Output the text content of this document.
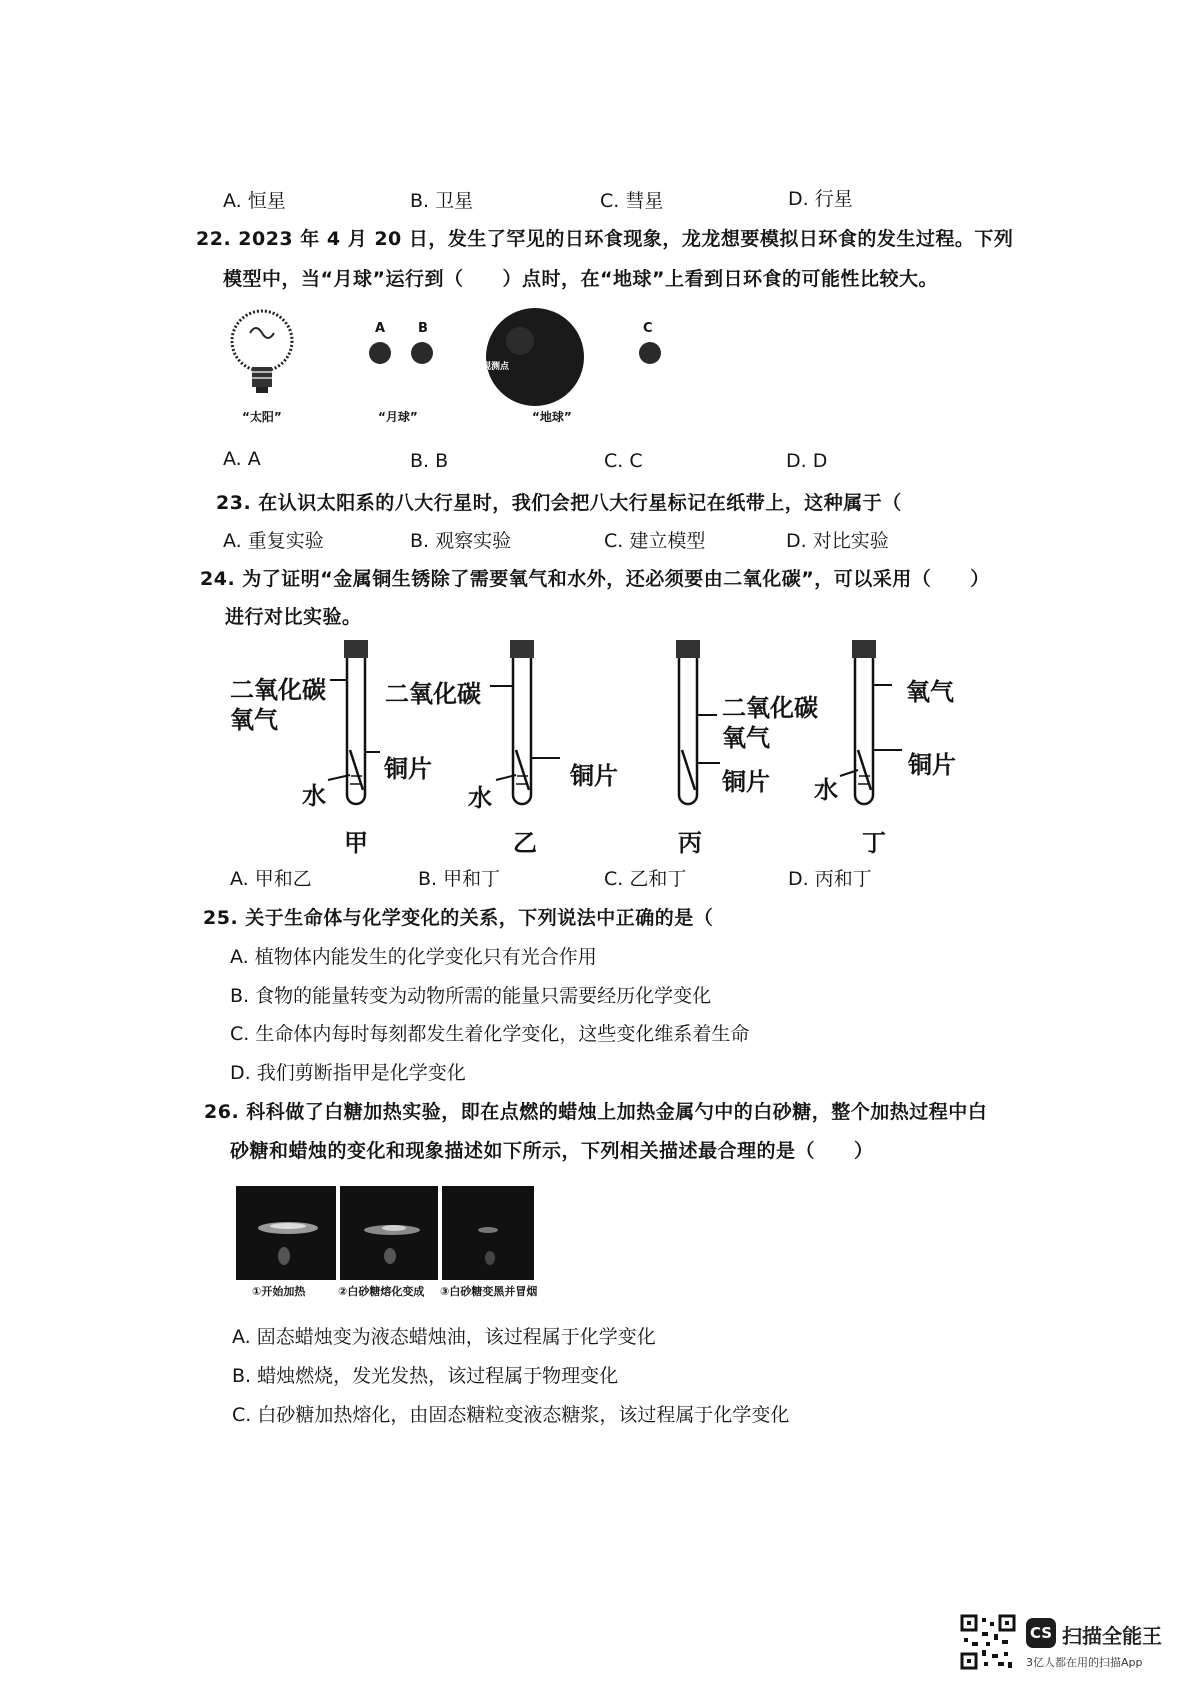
A. 恒星	B. 卫星	C. 彗星	D. 行星
22. 2023 年 4 月 20 日，发生了罕见的日环食现象，龙龙想要模拟日环食的发生过程。下列
模型中，当“月球”运行到（　　）点时，在“地球”上看到日环食的可能性比较大。
A	B	C
观测点
“太阳”	“月球”	“地球”
A. A	B. B	C. C	D. D
23. 在认识太阳系的八大行星时，我们会把八大行星标记在纸带上，这种属于（
A. 重复实验	B. 观察实验	C. 建立模型	D. 对比实验
24. 为了证明“金属铜生锈除了需要氧气和水外，还必须要由二氧化碳”，可以采用（　　）
进行对比实验。
二氧化碳
氧气
铜片
水
甲
二氧化碳
铜片
水
乙
二氧化碳
氧气
铜片
丙
氧气
铜片
水
丁
A. 甲和乙	B. 甲和丁	C. 乙和丁	D. 丙和丁
25. 关于生命体与化学变化的关系，下列说法中正确的是（
A. 植物体内能发生的化学变化只有光合作用
B. 食物的能量转变为动物所需的能量只需要经历化学变化
C. 生命体内每时每刻都发生着化学变化，这些变化维系着生命
D. 我们剪断指甲是化学变化
26. 科科做了白糖加热实验，即在点燃的蜡烛上加热金属勺中的白砂糖，整个加热过程中白
砂糖和蜡烛的变化和现象描述如下所示，下列相关描述最合理的是（　　）
①开始加热	②白砂糖熔化变成 ③白砂糖变黑并冒烟
A. 固态蜡烛变为液态蜡烛油，该过程属于化学变化
B. 蜡烛燃烧，发光发热，该过程属于物理变化
C. 白砂糖加热熔化，由固态糖粒变液态糖浆，该过程属于化学变化
CS 扫描全能王
3亿人都在用的扫描App
